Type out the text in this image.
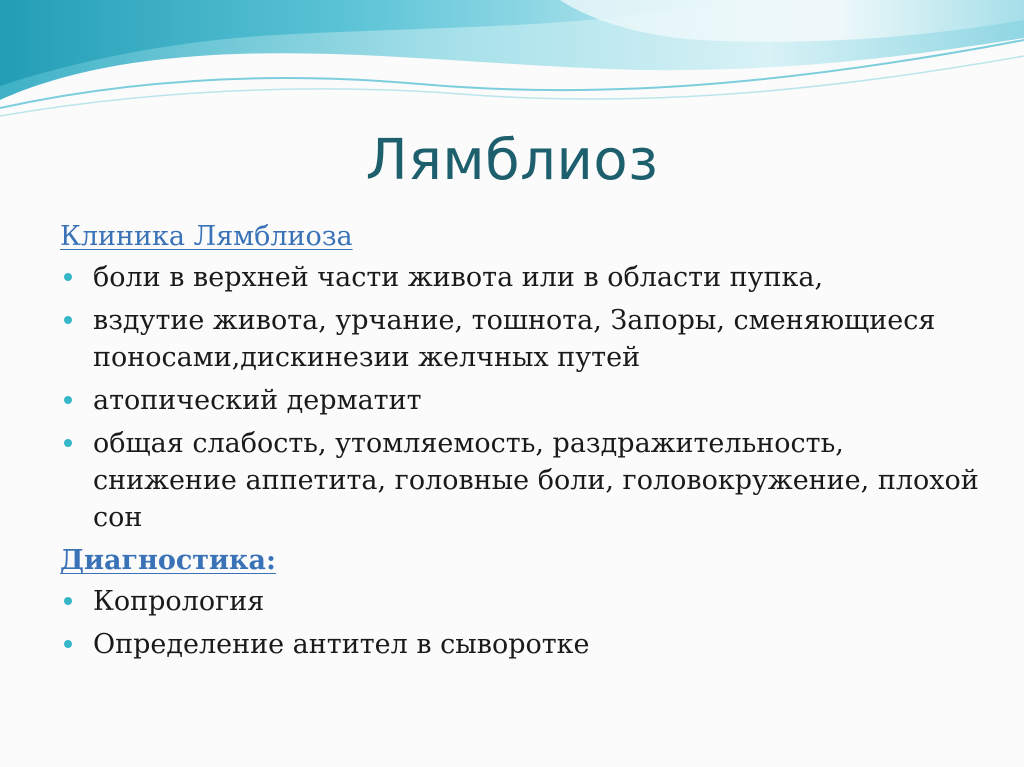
Лямблиоз
Клиника Лямблиоза
боли в верхней части живота или в области пупка,
вздутие живота, урчание, тошнота, Запоры, сменяющиеся поносами,дискинезии желчных путей
атопический дерматит
общая слабость, утомляемость, раздражительность, снижение аппетита, головные боли, головокружение, плохой сон
Диагностика:
Копрология
Определение антител в сыворотке
